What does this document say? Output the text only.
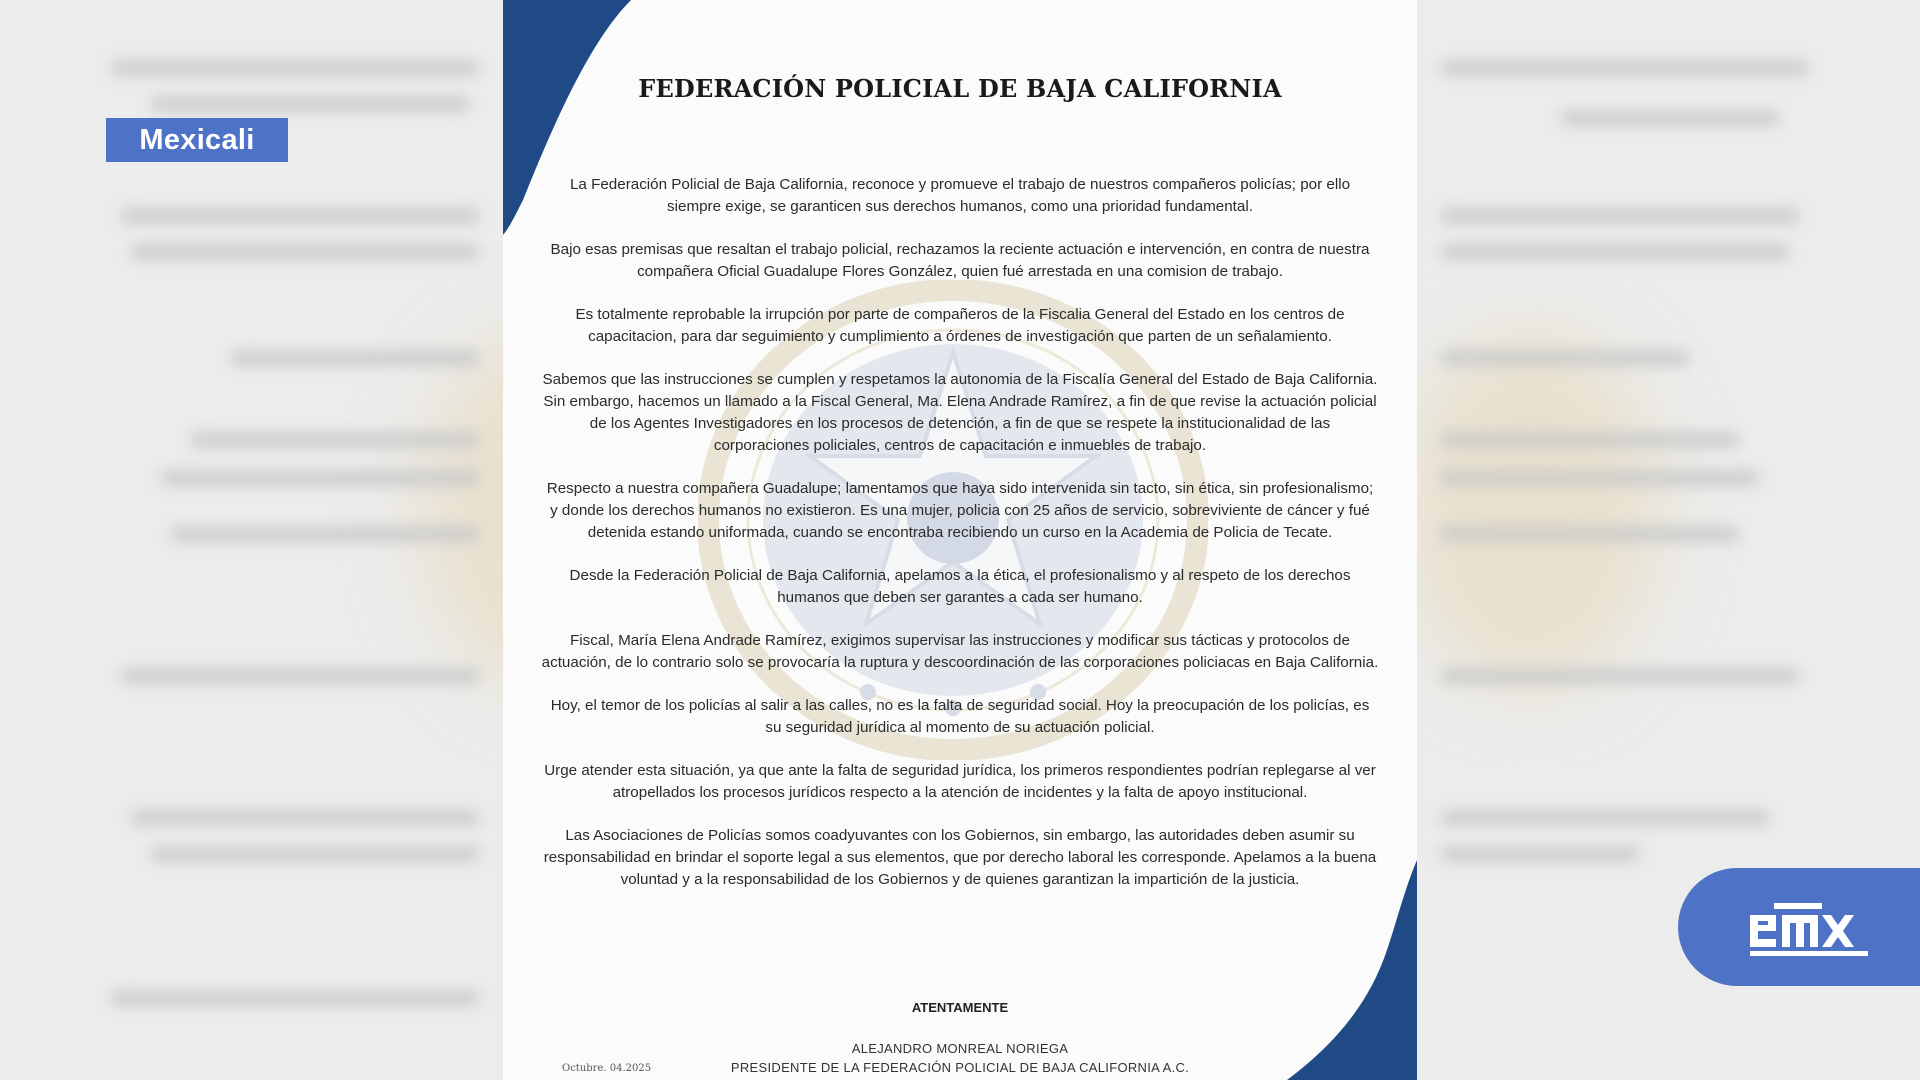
Mexicali
FEDERACIÓN POLICIAL DE BAJA CALIFORNIA

La Federación Policial de Baja California, reconoce y promueve el trabajo de nuestros compañeros policías; por ello siempre exige, se garanticen sus derechos humanos, como una prioridad fundamental.

Bajo esas premisas que resaltan el trabajo policial, rechazamos la reciente actuación e intervención, en contra de nuestra compañera Oficial Guadalupe Flores González, quien fué arrestada en una comision de trabajo.

Es totalmente reprobable la irrupción por parte de compañeros de la Fiscalia General del Estado en los centros de capacitacion, para dar seguimiento y cumplimiento a órdenes de investigación que parten de un señalamiento.

Sabemos que las instrucciones se cumplen y respetamos la autonomia de la Fiscalía General del Estado de Baja California. Sin embargo, hacemos un llamado a la Fiscal General, Ma. Elena Andrade Ramírez, a fin de que revise la actuación policial de los Agentes Investigadores en los procesos de detención, a fin de que se respete la institucionalidad de las corporaciones policiales, centros de capacitación e inmuebles de trabajo.

Respecto a nuestra compañera Guadalupe; lamentamos que haya sido intervenida sin tacto, sin ética, sin profesionalismo; y donde los derechos humanos no existieron. Es una mujer, policia con 25 años de servicio, sobreviviente de cáncer y fué detenida estando uniformada, cuando se encontraba recibiendo un curso en la Academia de Policia de Tecate.

Desde la Federación Policial de Baja California, apelamos a la ética, el profesionalismo y al respeto de los derechos humanos que deben ser garantes a cada ser humano.

Fiscal, María Elena Andrade Ramírez, exigimos supervisar las instrucciones y modificar sus tácticas y protocolos de actuación, de lo contrario solo se provocaría la ruptura y descoordinación de las corporaciones policiacas en Baja California.

Hoy, el temor de los policías al salir a las calles, no es la falta de seguridad social. Hoy la preocupación de los policías, es su seguridad jurídica al momento de su actuación policial.

Urge atender esta situación, ya que ante la falta de seguridad jurídica, los primeros respondientes podrían replegarse al ver atropellados los procesos jurídicos respecto a la atención de incidentes y la falta de apoyo institucional.

Las Asociaciones de Policías somos coadyuvantes con los Gobiernos, sin embargo, las autoridades deben asumir su responsabilidad en brindar el soporte legal a sus elementos, que por derecho laboral les corresponde. Apelamos a la buena voluntad y a la responsabilidad de los Gobiernos y de quienes garantizan la impartición de la justicia.

ATENTAMENTE
ALEJANDRO MONREAL NORIEGA
PRESIDENTE DE LA FEDERACIÓN POLICIAL DE BAJA CALIFORNIA A.C.
Octubre. 04.2025
